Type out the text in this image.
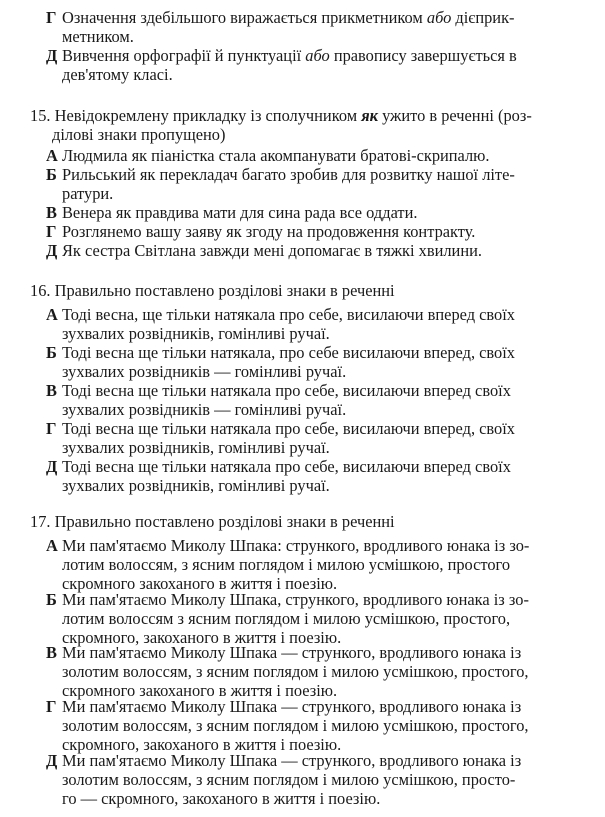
Г Означення здебільшого виражається прикметником або дієприк-
метником.
Д Вивчення орфографії й пунктуації або правопису завершується в
дев'ятому класі.
15. Невідокремлену прикладку із сполучником як ужито в реченні (роз-
ділові знаки пропущено)
А Людмила як піаністка стала акомпанувати братові-скрипалю.
Б Рильський як перекладач багато зробив для розвитку нашої літе-
ратури.
В Венера як правдива мати для сина рада все оддати.
Г Розглянемо вашу заяву як згоду на продовження контракту.
Д Як сестра Світлана завжди мені допомагає в тяжкі хвилини.
16. Правильно поставлено розділові знаки в реченні
А Тоді весна, ще тільки натякала про себе, висилаючи вперед своїх
зухвалих розвідників, гомінливі ручаї.
Б Тоді весна ще тільки натякала, про себе висилаючи вперед, своїх
зухвалих розвідників — гомінливі ручаї.
В Тоді весна ще тільки натякала про себе, висилаючи вперед своїх
зухвалих розвідників — гомінливі ручаї.
Г Тоді весна ще тільки натякала про себе, висилаючи вперед, своїх
зухвалих розвідників, гомінливі ручаї.
Д Тоді весна ще тільки натякала про себе, висилаючи вперед своїх
зухвалих розвідників, гомінливі ручаї.
17. Правильно поставлено розділові знаки в реченні
А Ми пам'ятаємо Миколу Шпака: стрункого, вродливого юнака із зо-
лотим волоссям, з ясним поглядом і милою усмішкою, простого
скромного закоханого в життя і поезію.
Б Ми пам'ятаємо Миколу Шпака, стрункого, вродливого юнака із зо-
лотим волоссям з ясним поглядом і милою усмішкою, простого,
скромного, закоханого в життя і поезію.
В Ми пам'ятаємо Миколу Шпака — стрункого, вродливого юнака із
золотим волоссям, з ясним поглядом і милою усмішкою, простого,
скромного закоханого в життя і поезію.
Г Ми пам'ятаємо Миколу Шпака — стрункого, вродливого юнака із
золотим волоссям, з ясним поглядом і милою усмішкою, простого,
скромного, закоханого в життя і поезію.
Д Ми пам'ятаємо Миколу Шпака — стрункого, вродливого юнака із
золотим волоссям, з ясним поглядом і милою усмішкою, просто-
го — скромного, закоханого в життя і поезію.
